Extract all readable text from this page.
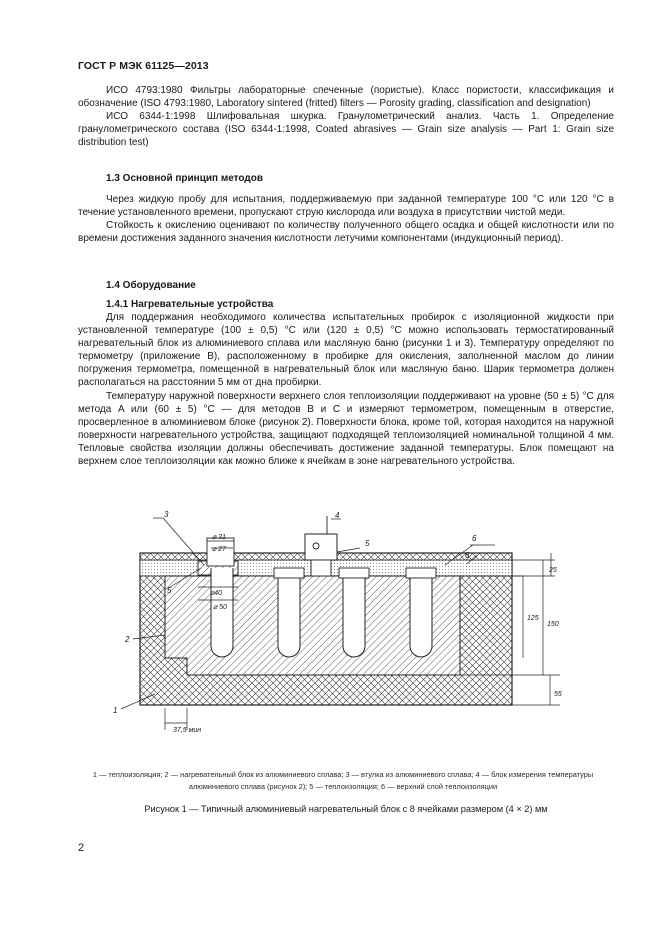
ГОСТ Р МЭК 61125—2013

ИСО 4793:1980 Фильтры лабораторные спеченные (пористые). Класс пористости, классификация и обозначение (ISO 4793:1980, Laboratory sintered (fritted) filters — Porosity grading, classification and designation)

ИСО 6344-1:1998 Шлифовальная шкурка. Гранулометрический анализ. Часть 1. Определение гранулометрического состава (ISO 6344-1:1998, Coated abrasives — Grain size analysis — Part 1: Grain size distribution test)

1.3 Основной принцип методов

Через жидкую пробу для испытания, поддерживаемую при заданной температуре 100 °C или 120 °C в течение установленного времени, пропускают струю кислорода или воздуха в присутствии чистой меди.

Стойкость к окислению оценивают по количеству полученного общего осадка и общей кислотности или по времени достижения заданного значения кислотности летучими компонентами (индукционный период).

1.4 Оборудование
1.4.1 Нагревательные устройства

Для поддержания необходимого количества испытательных пробирок с изоляционной жидкости при установленной температуре (100 ± 0,5) °C или (120 ± 0,5) °C можно использовать термостатированный нагревательный блок из алюминиевого сплава или масляную баню (рисунки 1 и 3). Температуру определяют по термометру (приложение B), расположенному в пробирке для окисления, заполненной маслом до линии погружения термометра, помещенной в нагревательный блок или масляную баню. Шарик термометра должен располагаться на расстоянии 5 мм от дна пробирки.

Температуру наружной поверхности верхнего слоя теплоизоляции поддерживают на уровне (50 ± 5) °C для метода A или (60 ± 5) °C — для методов B и C и измеряют термометром, помещенным в отверстие, просверленное в алюминиевом блоке (рисунок 2). Поверхности блока, кроме той, которая находится на наружной поверхности нагревательного устройства, защищают подходящей теплоизоляцией номинальной толщиной 4 мм. Тепловые свойства изоляции должны обеспечивать достижение заданной температуры. Блок помещают на верхнем слое теплоизоляции как можно ближе к ячейкам в зоне нагревательного устройства.

3	4
5
6
6
5
2
1
⌀ 31
⌀ 27
⌀40
⌀ 50
25
125
150
55
37,5 мин
1 — теплоизоляция; 2 — нагревательный блок из алюминиевого сплава; 3 — втулка из алюминиевого сплава; 4 — блок измерения температуры алюминиевого сплава (рисунок 2); 5 — теплоизоляция; 6 — верхний слой теплоизоляции
Рисунок 1 — Типичный алюминиевый нагревательный блок с 8 ячейками размером (4 × 2) мм
2
